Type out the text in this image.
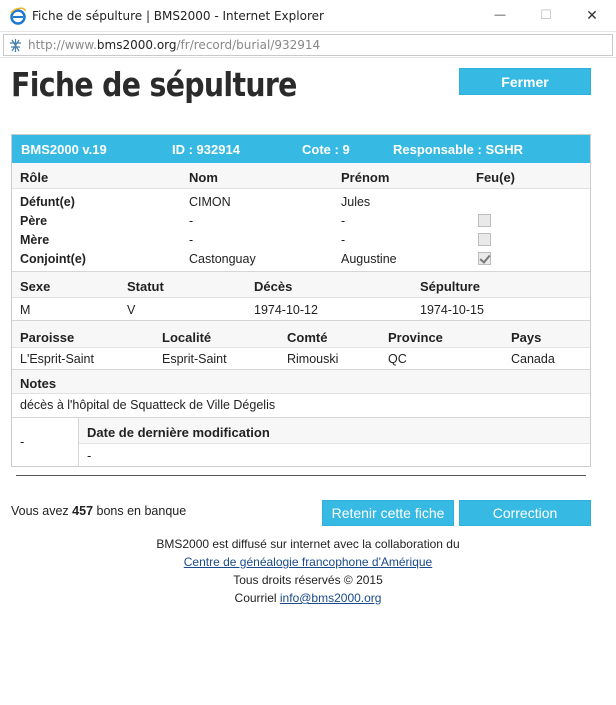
Fiche de sépulture | BMS2000 - Internet Explorer	—	☐ ✕
http://www.bms2000.org/fr/record/burial/932914
Fiche de sépulture	Fermer
BMS2000 v.19	ID : 932914	Cote : 9	Responsable : SGHR
Rôle	Nom	Prénom	Feu(e)
Défunt(e)	CIMON	Jules
Père	-	-
Mère	-	-
Conjoint(e)	Castonguay	Augustine
Sexe	Statut	Décès	Sépulture
M	V	1974-10-12	1974-10-15
Paroisse	Localité	Comté	Province	Pays
L'Esprit-Saint	Esprit-Saint	Rimouski	QC	Canada
Notes
décès à l'hôpital de Squatteck de Ville Dégelis
-
Date de dernière modification
-
Vous avez 457 bons en banque	Retenir cette fiche	Correction
BMS2000 est diffusé sur internet avec la collaboration du
Centre de généalogie francophone d'Amérique
Tous droits réservés © 2015
Courriel info@bms2000.org
